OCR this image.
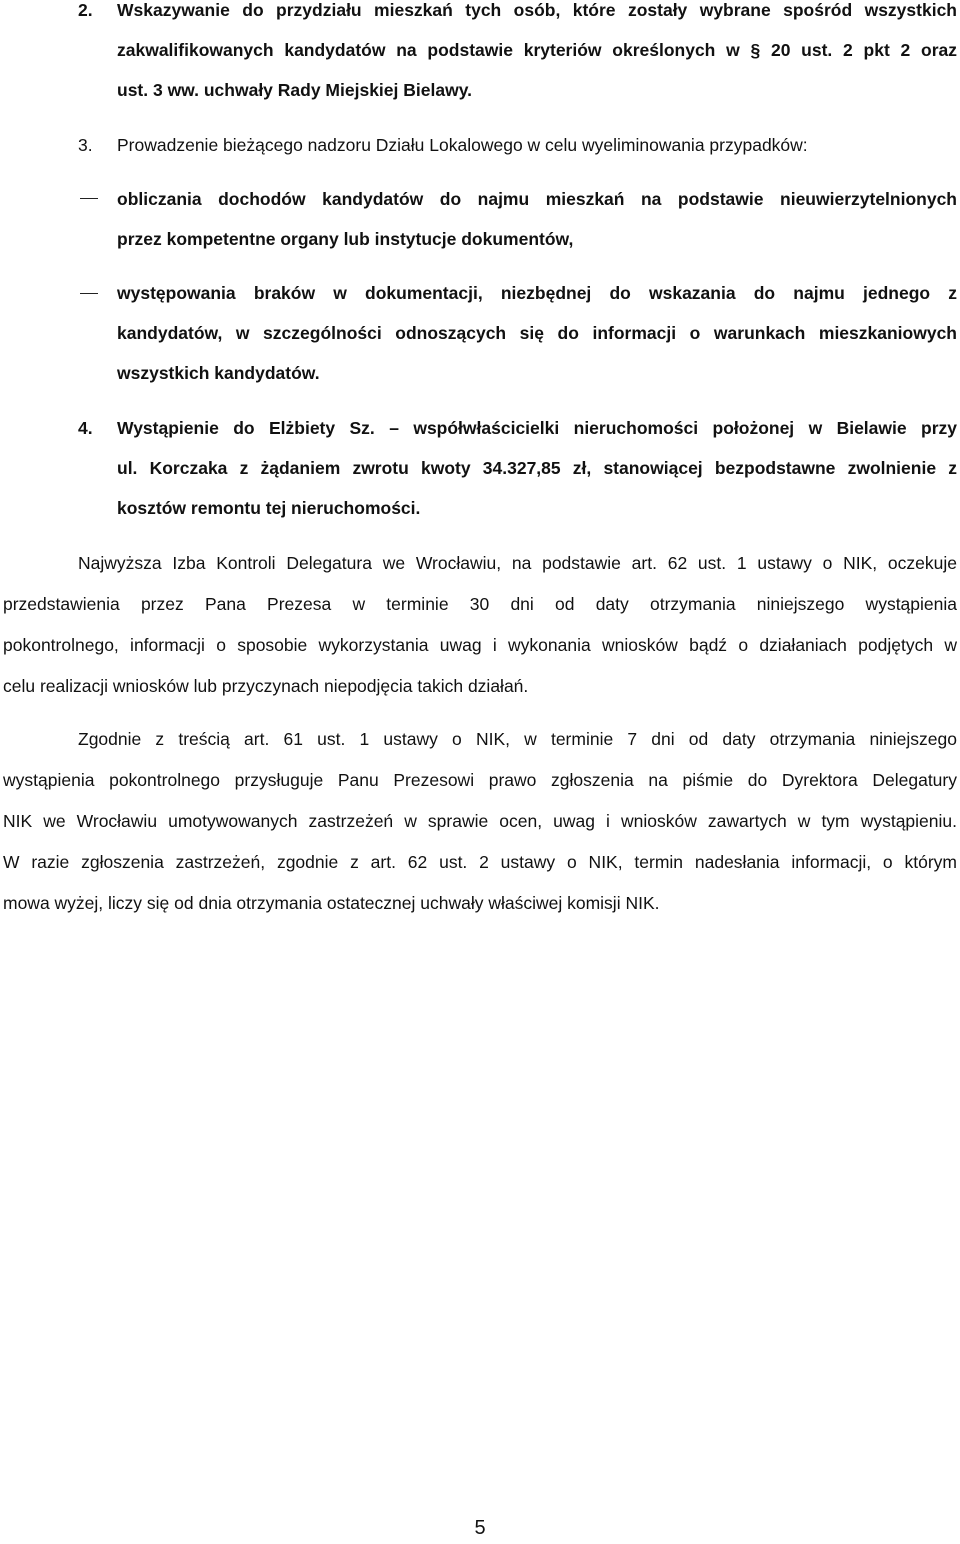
2. Wskazywanie do przydziału mieszkań tych osób, które zostały wybrane spośród wszystkich
zakwalifikowanych kandydatów na podstawie kryteriów określonych w § 20 ust. 2 pkt 2 oraz
ust. 3 ww. uchwały Rady Miejskiej Bielawy.
3. Prowadzenie bieżącego nadzoru Działu Lokalowego w celu wyeliminowania przypadków:
obliczania dochodów kandydatów do najmu mieszkań na podstawie nieuwierzytelnionych
przez kompetentne organy lub instytucje dokumentów,
występowania braków w dokumentacji, niezbędnej do wskazania do najmu jednego z
kandydatów, w szczególności odnoszących się do informacji o warunkach mieszkaniowych
wszystkich kandydatów.
4. Wystąpienie do Elżbiety Sz. – współwłaścicielki nieruchomości położonej w Bielawie przy
ul. Korczaka z żądaniem zwrotu kwoty 34.327,85 zł, stanowiącej bezpodstawne zwolnienie z
kosztów remontu tej nieruchomości.
Najwyższa Izba Kontroli Delegatura we Wrocławiu, na podstawie art. 62 ust. 1 ustawy o NIK, oczekuje
przedstawienia przez Pana Prezesa w terminie 30 dni od daty otrzymania niniejszego wystąpienia
pokontrolnego, informacji o sposobie wykorzystania uwag i wykonania wniosków bądź o działaniach podjętych w
celu realizacji wniosków lub przyczynach niepodjęcia takich działań.
Zgodnie z treścią art. 61 ust. 1 ustawy o NIK, w terminie 7 dni od daty otrzymania niniejszego
wystąpienia pokontrolnego przysługuje Panu Prezesowi prawo zgłoszenia na piśmie do Dyrektora Delegatury
NIK we Wrocławiu umotywowanych zastrzeżeń w sprawie ocen, uwag i wniosków zawartych w tym wystąpieniu.
W razie zgłoszenia zastrzeżeń, zgodnie z art. 62 ust. 2 ustawy o NIK, termin nadesłania informacji, o którym
mowa wyżej, liczy się od dnia otrzymania ostatecznej uchwały właściwej komisji NIK.
5
